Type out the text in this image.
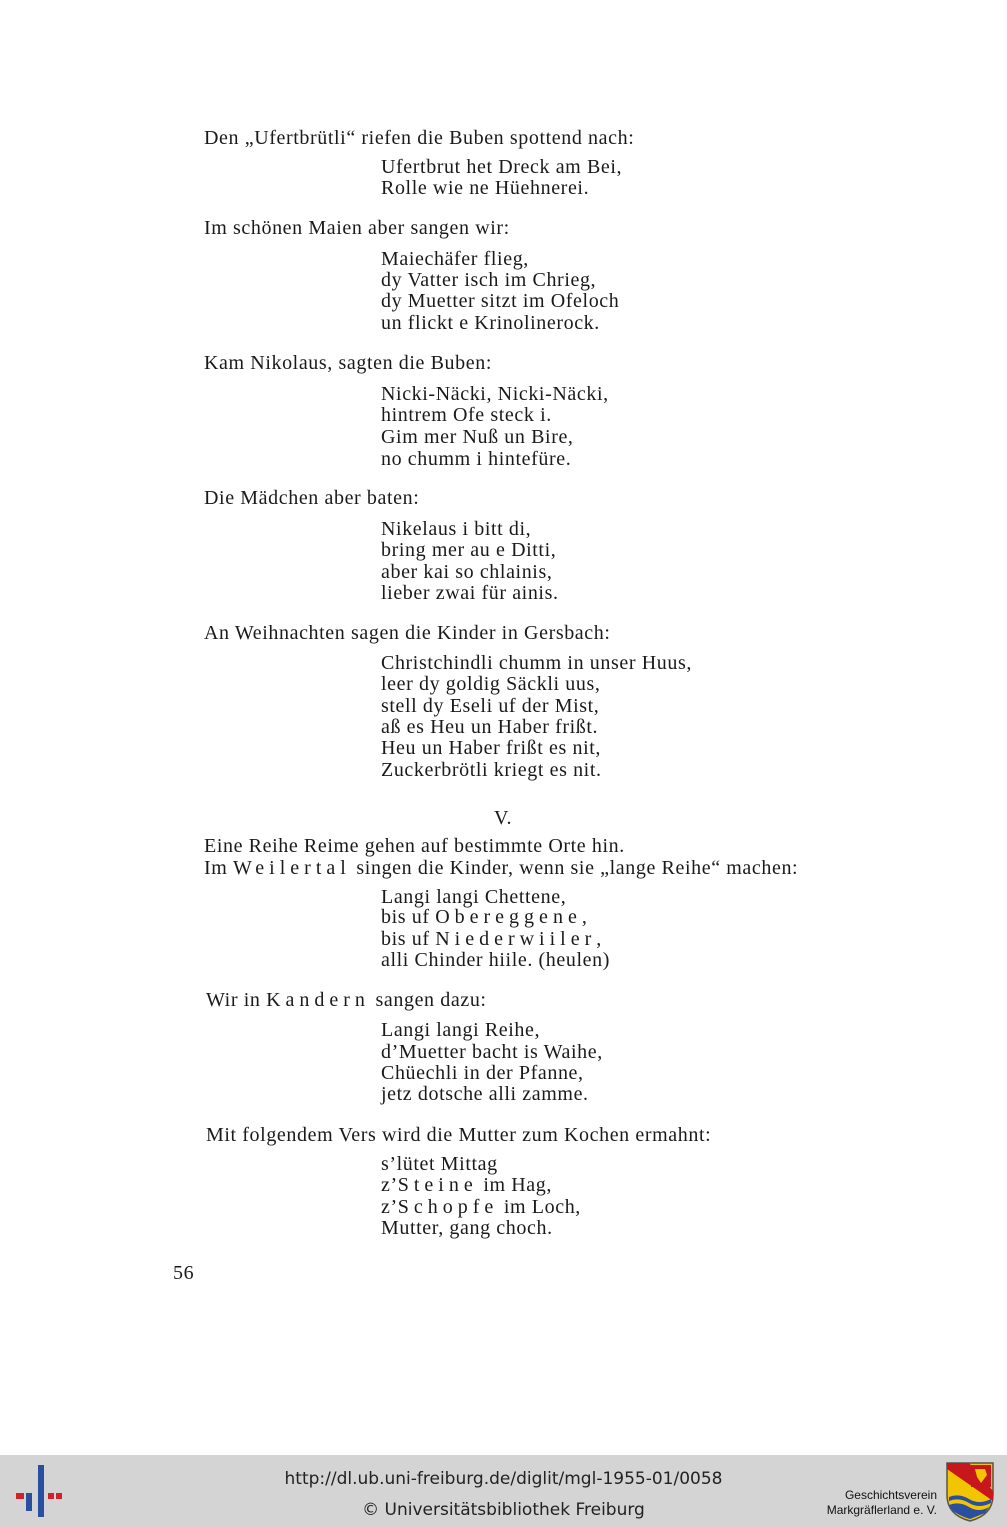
Den „Ufertbrütli“ riefen die Buben spottend nach:
Ufertbrut het Dreck am Bei,
Rolle wie ne Hüehnerei.
Im schönen Maien aber sangen wir:
Maiechäfer flieg,
dy Vatter isch im Chrieg,
dy Muetter sitzt im Ofeloch
un flickt e Krinolinerock.
Kam Nikolaus, sagten die Buben:
Nicki-Näcki, Nicki-Näcki,
hintrem Ofe steck i.
Gim mer Nuß un Bire,
no chumm i hintefüre.
Die Mädchen aber baten:
Nikelaus i bitt di,
bring mer au e Ditti,
aber kai so chlainis,
lieber zwai für ainis.
An Weihnachten sagen die Kinder in Gersbach:
Christchindli chumm in unser Huus,
leer dy goldig Säckli uus,
stell dy Eseli uf der Mist,
aß es Heu un Haber frißt.
Heu un Haber frißt es nit,
Zuckerbrötli kriegt es nit.
V.
Eine Reihe Reime gehen auf bestimmte Orte hin.
Im Weilertal singen die Kinder, wenn sie „lange Reihe“ machen:
Langi langi Chettene,
bis uf Obereggene,
bis uf Niederwiiler,
alli Chinder hiile. (heulen)
Wir in Kandern sangen dazu:
Langi langi Reihe,
d’Muetter bacht is Waihe,
Chüechli in der Pfanne,
jetz dotsche alli zamme.
Mit folgendem Vers wird die Mutter zum Kochen ermahnt:
s’lütet Mittag
z’Steine im Hag,
z’Schopfe im Loch,
Mutter, gang choch.
56
http://dl.ub.uni-freiburg.de/diglit/mgl-1955-01/0058
© Universitätsbibliothek Freiburg
Geschichtsverein
Markgräflerland e. V.
